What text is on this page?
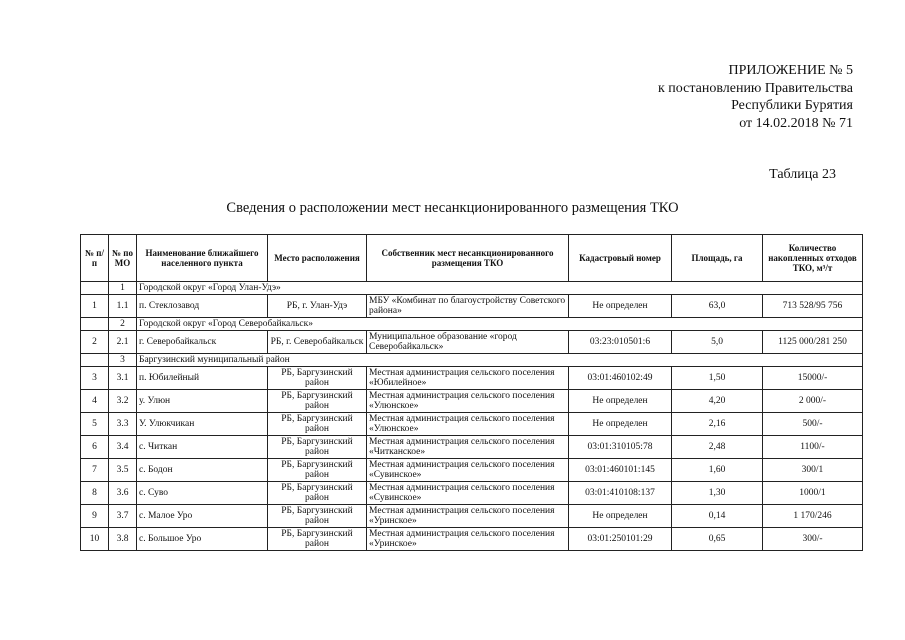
ПРИЛОЖЕНИЕ № 5
к постановлению Правительства
Республики Бурятия
от 14.02.2018 № 71
Таблица 23
Сведения о расположении мест несанкционированного размещения ТКО
№ п/п	№ по МО	Наименование ближайшего населенного пункта	Место расположения	Собственник мест несанкционированного размещения ТКО	Кадастровый номер	Площадь, га	Количество накопленных отходов ТКО, м³/т
	1	Городской округ «Город Улан-Удэ»					
1	1.1	п. Стеклозавод	РБ, г. Улан-Удэ	МБУ «Комбинат по благоустройству Советского района»	Не определен	63,0	713 528/95 756
	2	Городской округ «Город Северобайкальск»					
2	2.1	г. Северобайкальск	РБ, г. Северобайкальск	Муниципальное образование «город Северобайкальск»	03:23:010501:6	5,0	1125 000/281 250
	3	Баргузинский муниципальный район					
3	3.1	п. Юбилейный	РБ, Баргузинский район	Местная администрация сельского поселения «Юбилейное»	03:01:460102:49	1,50	15000/-
4	3.2	у. Улюн	РБ, Баргузинский район	Местная администрация сельского поселения «Улюнское»	Не определен	4,20	2 000/-
5	3.3	У. Улюкчикан	РБ, Баргузинский район	Местная администрация сельского поселения «Улюнское»	Не определен	2,16	500/-
6	3.4	с. Читкан	РБ, Баргузинский район	Местная администрация сельского поселения «Читканское»	03:01:310105:78	2,48	1100/-
7	3.5	с. Бодон	РБ, Баргузинский район	Местная администрация сельского поселения «Сувинское»	03:01:460101:145	1,60	300/1
8	3.6	с. Суво	РБ, Баргузинский район	Местная администрация сельского поселения «Сувинское»	03:01:410108:137	1,30	1000/1
9	3.7	с. Малое Уро	РБ, Баргузинский район	Местная администрация сельского поселения «Уринское»	Не определен	0,14	1 170/246
10	3.8	с. Большое Уро	РБ, Баргузинский район	Местная администрация сельского поселения «Уринское»	03:01:250101:29	0,65	300/-
